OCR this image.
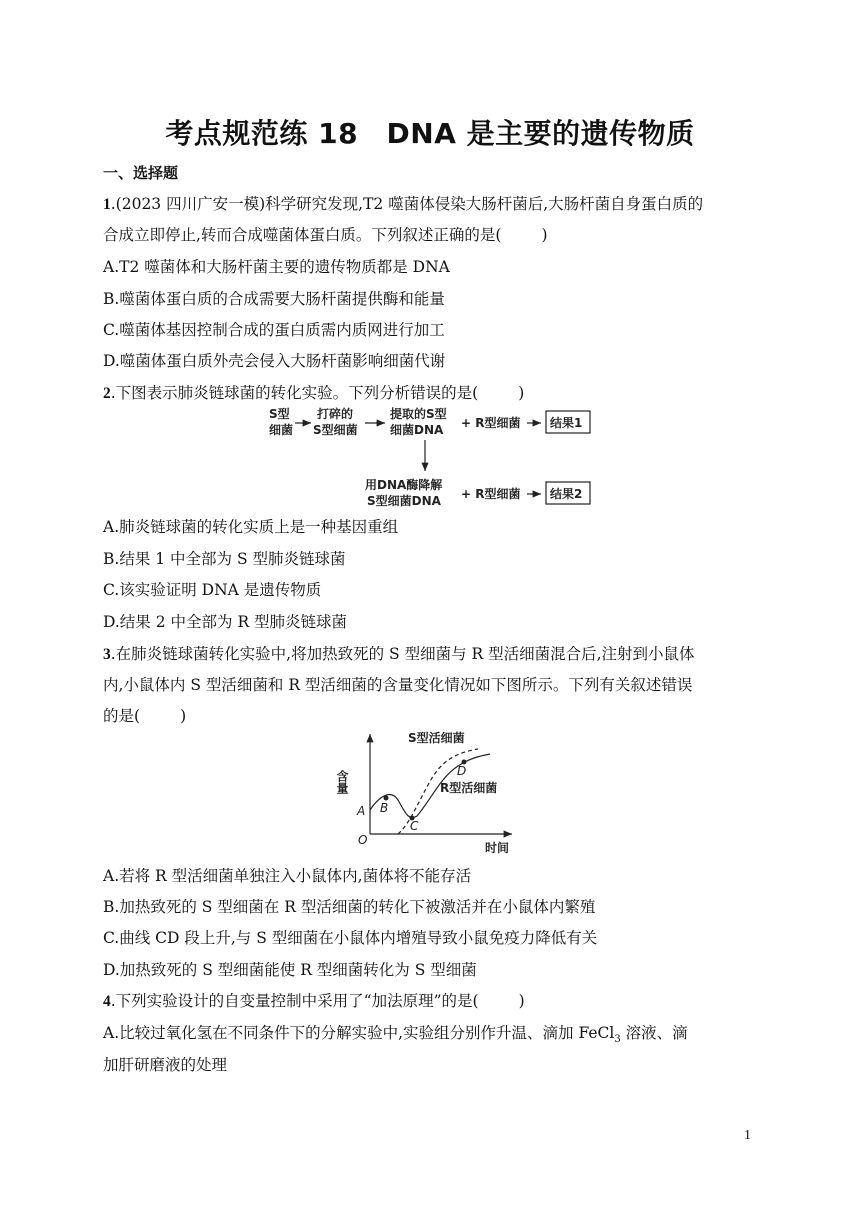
考点规范练 18　DNA 是主要的遗传物质
一、选择题
1.(2023 四川广安一模)科学研究发现,T2 噬菌体侵染大肠杆菌后,大肠杆菌自身蛋白质的
合成立即停止,转而合成噬菌体蛋白质。下列叙述正确的是(	)
A.T2 噬菌体和大肠杆菌主要的遗传物质都是 DNA
B.噬菌体蛋白质的合成需要大肠杆菌提供酶和能量
C.噬菌体基因控制合成的蛋白质需内质网进行加工
D.噬菌体蛋白质外壳会侵入大肠杆菌影响细菌代谢
2.下图表示肺炎链球菌的转化实验。下列分析错误的是(	)
S型
细菌
打碎的
S型细菌
提取的S型
细菌DNA + R型细菌 结果1
用DNA酶降解
S型细菌DNA + R型细菌 结果2
A.肺炎链球菌的转化实质上是一种基因重组
B.结果 1 中全部为 S 型肺炎链球菌
C.该实验证明 DNA 是遗传物质
D.结果 2 中全部为 R 型肺炎链球菌
3.在肺炎链球菌转化实验中,将加热致死的 S 型细菌与 R 型活细菌混合后,注射到小鼠体
内,小鼠体内 S 型活细菌和 R 型活细菌的含量变化情况如下图所示。下列有关叙述错误
的是(	)
含量
时间
O
A B
C
D
S型活细菌
R型活细菌
A.若将 R 型活细菌单独注入小鼠体内,菌体将不能存活
B.加热致死的 S 型细菌在 R 型活细菌的转化下被激活并在小鼠体内繁殖
C.曲线 CD 段上升,与 S 型细菌在小鼠体内增殖导致小鼠免疫力降低有关
D.加热致死的 S 型细菌能使 R 型细菌转化为 S 型细菌
4.下列实验设计的自变量控制中采用了“加法原理”的是(	)
A.比较过氧化氢在不同条件下的分解实验中,实验组分别作升温、滴加 FeCl$_3$ 溶液、滴
加肝研磨液的处理
1
